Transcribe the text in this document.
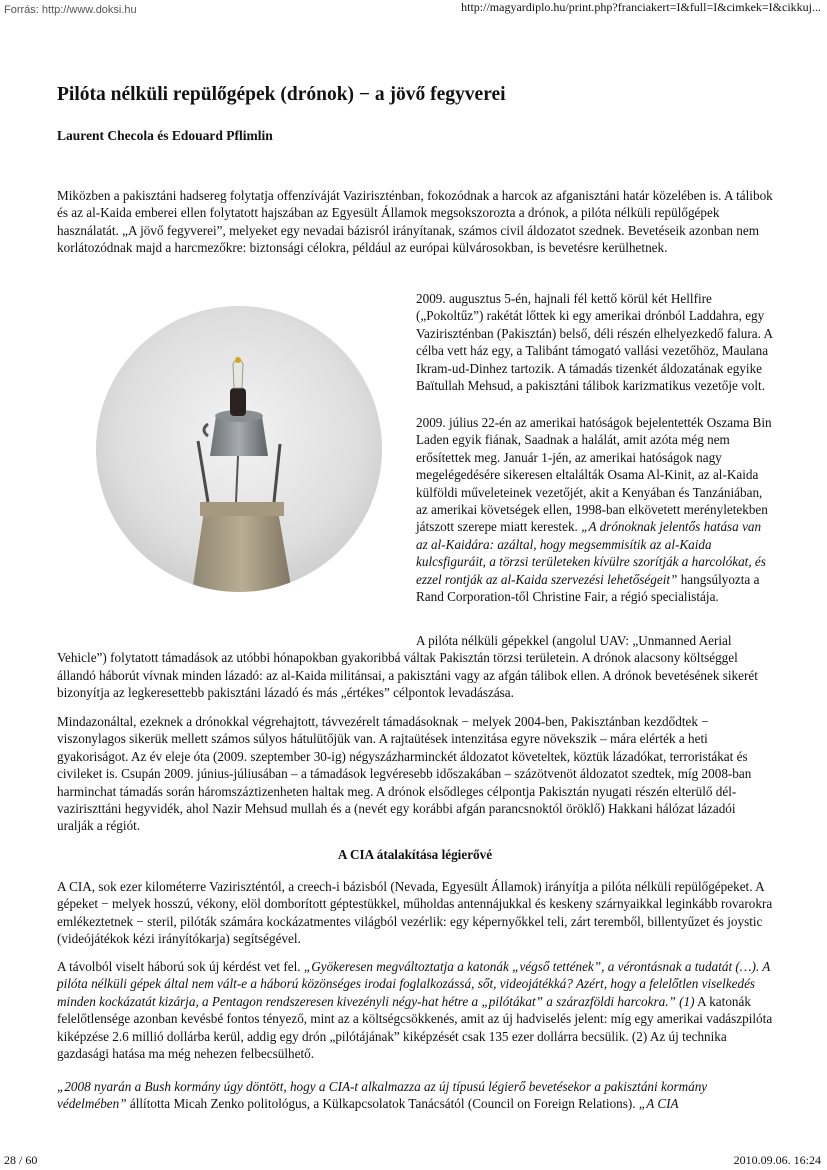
Forrás: http://www.doksi.hu	http://magyardiplo.hu/print.php?franciakert=I&full=I&cimkek=I&cikkuj...
Pilóta nélküli repülőgépek (drónok) − a jövő fegyverei
Laurent Checola és Edouard Pflimlin

Miközben a pakisztáni hadsereg folytatja offenzíváját Vaziriszténban, fokozódnak a harcok az afganisztáni határ közelében is. A tálibok és az al-Kaida emberei ellen folytatott hajszában az Egyesült Államok megsokszorozta a drónok, a pilóta nélküli repülőgépek használatát. „A jövő fegyverei”, melyeket egy nevadai bázisról irányítanak, számos civil áldozatot szednek. Bevetéseik azonban nem korlátozódnak majd a harcmezőkre: biztonsági célokra, például az európai külvárosokban, is bevetésre kerülhetnek.

2009. augusztus 5-én, hajnali fél kettő körül két Hellfire („Pokoltűz”) rakétát lőttek ki egy amerikai drónból Laddahra, egy Vaziriszténban (Pakisztán) belső, déli részén elhelyezkedő falura. A célba vett ház egy, a Talibánt támogató vallási vezetőhöz, Maulana Ikram-ud-Dinhez tartozik. A támadás tizenkét áldozatának egyike Baïtullah Mehsud, a pakisztáni tálibok karizmatikus vezetője volt.

2009. július 22-én az amerikai hatóságok bejelentették Oszama Bin Laden egyik fiának, Saadnak a halálát, amit azóta még nem erősítettek meg. Január 1-jén, az amerikai hatóságok nagy megelégedésére sikeresen eltalálták Osama Al-Kinit, az al-Kaida külföldi műveleteinek vezetőjét, akit a Kenyában és Tanzániában, az amerikai követségek ellen, 1998-ban elkövetett merényletekben játszott szerepe miatt kerestek. „A drónoknak jelentős hatása van az al-Kaidára: azáltal, hogy megsemmisítik az al-Kaida kulcsfiguráit, a törzsi területeken kívülre szorítják a harcolókat, és ezzel rontják az al-Kaida szervezési lehetőségeit” hangsúlyozta a Rand Corporation-től Christine Fair, a régió specialistája.

A pilóta nélküli gépekkel (angolul UAV: „Unmanned Aerial Vehicle”) folytatott támadások az utóbbi hónapokban gyakoribbá váltak Pakisztán törzsi területein. A drónok alacsony költséggel állandó háborút vívnak minden lázadó: az al-Kaida militánsai, a pakisztáni vagy az afgán tálibok ellen. A drónok bevetésének sikerét bizonyítja az legkeresettebb pakisztáni lázadó és más „értékes” célpontok levadászása.

Mindazonáltal, ezeknek a drónokkal végrehajtott, távvezérelt támadásoknak − melyek 2004-ben, Pakisztánban kezdődtek − viszonylagos sikerük mellett számos súlyos hátulütőjük van. A rajtaütések intenzitása egyre növekszik – mára elérték a heti gyakoriságot. Az év eleje óta (2009. szeptember 30-ig) négyszázharminckét áldozatot követeltek, köztük lázadókat, terroristákat és civileket is. Csupán 2009. június-júliusában – a támadások legvéresebb időszakában – százötvenöt áldozatot szedtek, míg 2008-ban harminchat támadás során háromszáztizenheten haltak meg. A drónok elsődleges célpontja Pakisztán nyugati részén elterülő dél-vaziriszttáni hegyvidék, ahol Nazir Mehsud mullah és a (nevét egy korábbi afgán parancsnoktól öröklő) Hakkani hálózat lázadói uralják a régiót.

A CIA átalakítása légierővé

A CIA, sok ezer kilométerre Vaziriszténtól, a creech-i bázisból (Nevada, Egyesült Államok) irányítja a pilóta nélküli repülőgépeket. A gépeket − melyek hosszú, vékony, elöl domborított géptestükkel, műholdas antennájukkal és keskeny szárnyaikkal leginkább rovarokra emlékeztetnek − steril, pilóták számára kockázatmentes világból vezérlik: egy képernyőkkel teli, zárt teremből, billentyűzet és joystic (videójátékok kézi irányítókarja) segítségével.

A távolból viselt háború sok új kérdést vet fel. „Gyökeresen megváltoztatja a katonák „végső tettének”, a vérontásnak a tudatát (…). A pilóta nélküli gépek által nem vált-e a háború közönséges irodai foglalkozássá, sőt, videojátékká? Azért, hogy a felelőtlen viselkedés minden kockázatát kizárja, a Pentagon rendszeresen kivezényli négy-hat hétre a „pilótákat” a szárazföldi harcokra.” (1) A katonák felelőtlensége azonban kevésbé fontos tényező, mint az a költségcsökkenés, amit az új hadviselés jelent: míg egy amerikai vadászpilóta kiképzése 2.6 millió dollárba kerül, addig egy drón „pilótájának” kiképzését csak 135 ezer dollárra becsülik. (2) Az új technika gazdasági hatása ma még nehezen felbecsülhető.

„2008 nyarán a Bush kormány úgy döntött, hogy a CIA-t alkalmazza az új típusú légierő bevetésekor a pakisztáni kormány védelmében” állította Micah Zenko politológus, a Külkapcsolatok Tanácsától (Council on Foreign Relations). „A CIA

28 / 60	2010.09.06. 16:24
